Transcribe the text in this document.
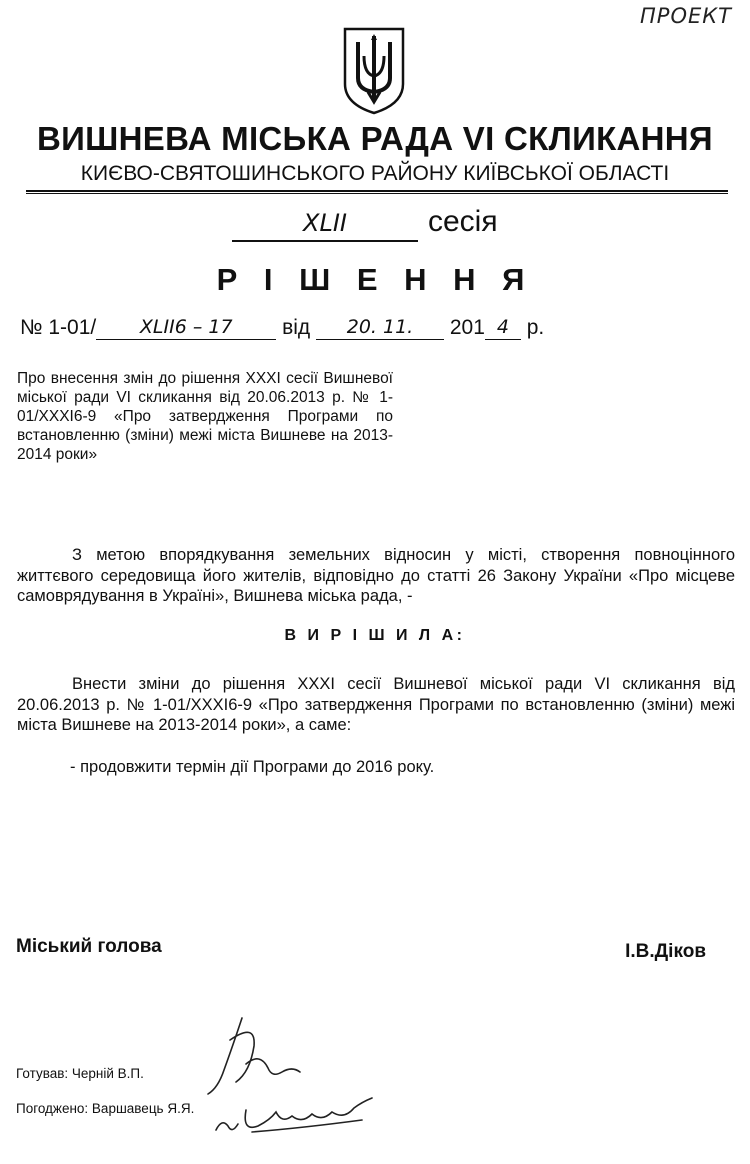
ПРОЕКТ
ВИШНЕВА МІСЬКА РАДА VI СКЛИКАННЯ
КИЄВО-СВЯТОШИНСЬКОГО РАЙОНУ КИЇВСЬКОЇ ОБЛАСТІ
XLII	сесія
Р І Ш Е Н Н Я
№ 1-01/ XLII6 – 17 від 20. 11. 201 4 р.
Про внесення змін до рішення XXXI сесії Вишневої міської ради VI скликання від 20.06.2013 р. № 1-01/XXXI6-9 «Про затвердження Програми по встановленню (зміни) межі міста Вишневе на 2013-2014 роки»
З метою впорядкування земельних відносин у місті, створення повноцінного життєвого середовища його жителів, відповідно до статті 26 Закону України «Про місцеве самоврядування в Україні», Вишнева міська рада, -
В И Р І Ш И Л А:
Внести зміни до рішення XXXI сесії Вишневої міської ради VI скликання від 20.06.2013 р. № 1-01/XXXI6-9 «Про затвердження Програми по встановленню (зміни) межі міста Вишневе на 2013-2014 роки», а саме:
- продовжити термін дії Програми до 2016 року.
Міський голова	І.В.Діков
Готував: Черній В.П.
Погоджено: Варшавець Я.Я.
